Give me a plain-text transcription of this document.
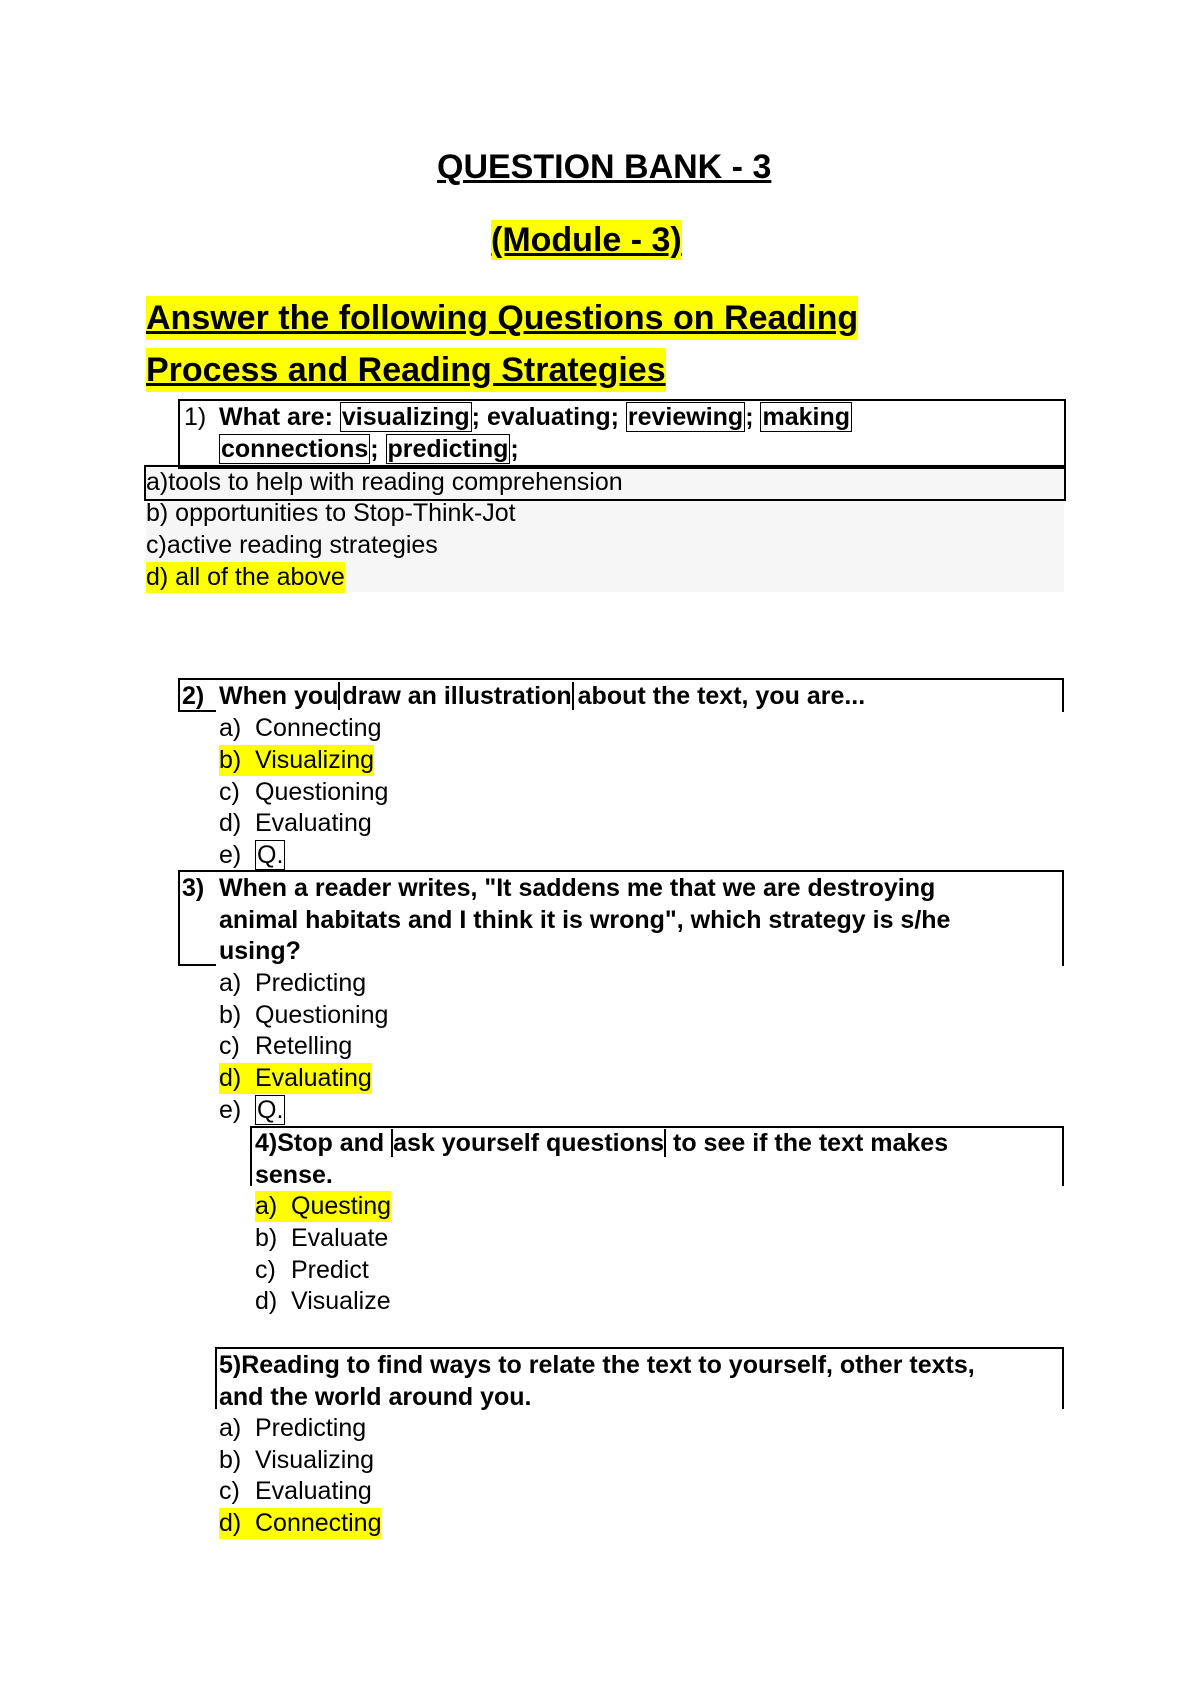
QUESTION BANK - 3
(Module - 3)
Answer the following Questions on Reading
Process and Reading Strategies
1) What are: visualizing; evaluating; reviewing; making
connections; predicting;
a)tools to help with reading comprehension
b) opportunities to Stop-Think-Jot
c)active reading strategies
d) all of the above
2) When you draw an illustration about the text, you are...
a) Connecting
b) Visualizing
c) Questioning
d) Evaluating
e) Q.
3) When a reader writes, "It saddens me that we are destroying
animal habitats and I think it is wrong", which strategy is s/he
using?
a) Predicting
b) Questioning
c) Retelling
d) Evaluating
e) Q.
4)Stop and ask yourself questions to see if the text makes
sense.
a) Questing
b) Evaluate
c) Predict
d) Visualize
5)Reading to find ways to relate the text to yourself, other texts,
and the world around you.
a) Predicting
b) Visualizing
c) Evaluating
d) Connecting
